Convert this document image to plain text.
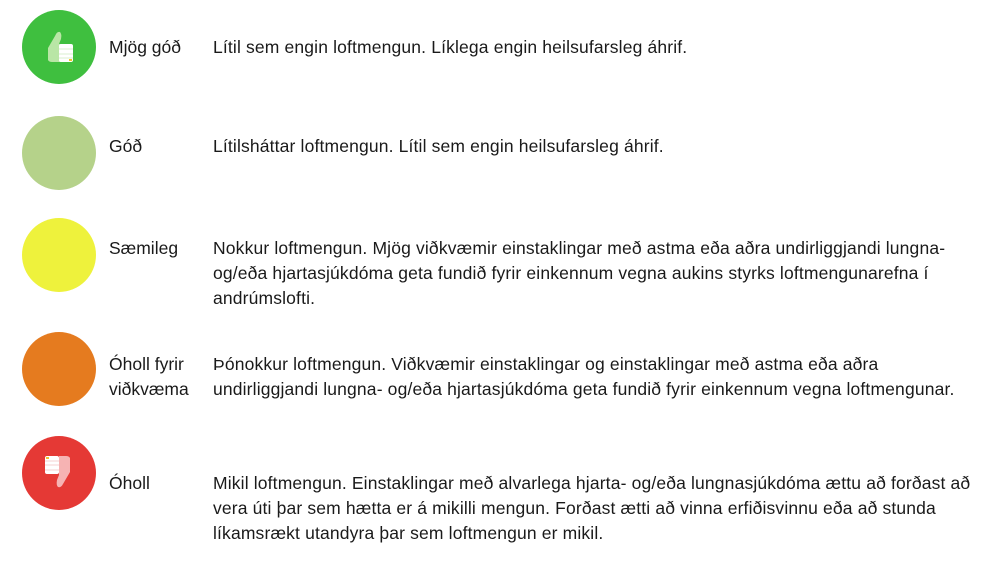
Mjög góð Lítil sem engin loftmengun. Líklega engin heilsufarsleg áhrif.
Góð	Lítilsháttar loftmengun. Lítil sem engin heilsufarsleg áhrif.
Sæmileg Nokkur loftmengun. Mjög viðkvæmir einstaklingar með astma eða aðra undirliggjandi lungna- og/eða hjartasjúkdóma geta fundið fyrir einkennum vegna aukins styrks loftmengunarefna í andrúmslofti.
Óholl fyrir viðkvæma
Þónokkur loftmengun. Viðkvæmir einstaklingar og einstaklingar með astma eða aðra undirliggjandi lungna- og/eða hjartasjúkdóma geta fundið fyrir einkennum vegna loftmengunar.
Óholl	Mikil loftmengun. Einstaklingar með alvarlega hjarta- og/eða lungnasjúkdóma ættu að forðast að vera úti þar sem hætta er á mikilli mengun. Forðast ætti að vinna erfiðisvinnu eða að stunda líkamsrækt utandyra þar sem loftmengun er mikil.
